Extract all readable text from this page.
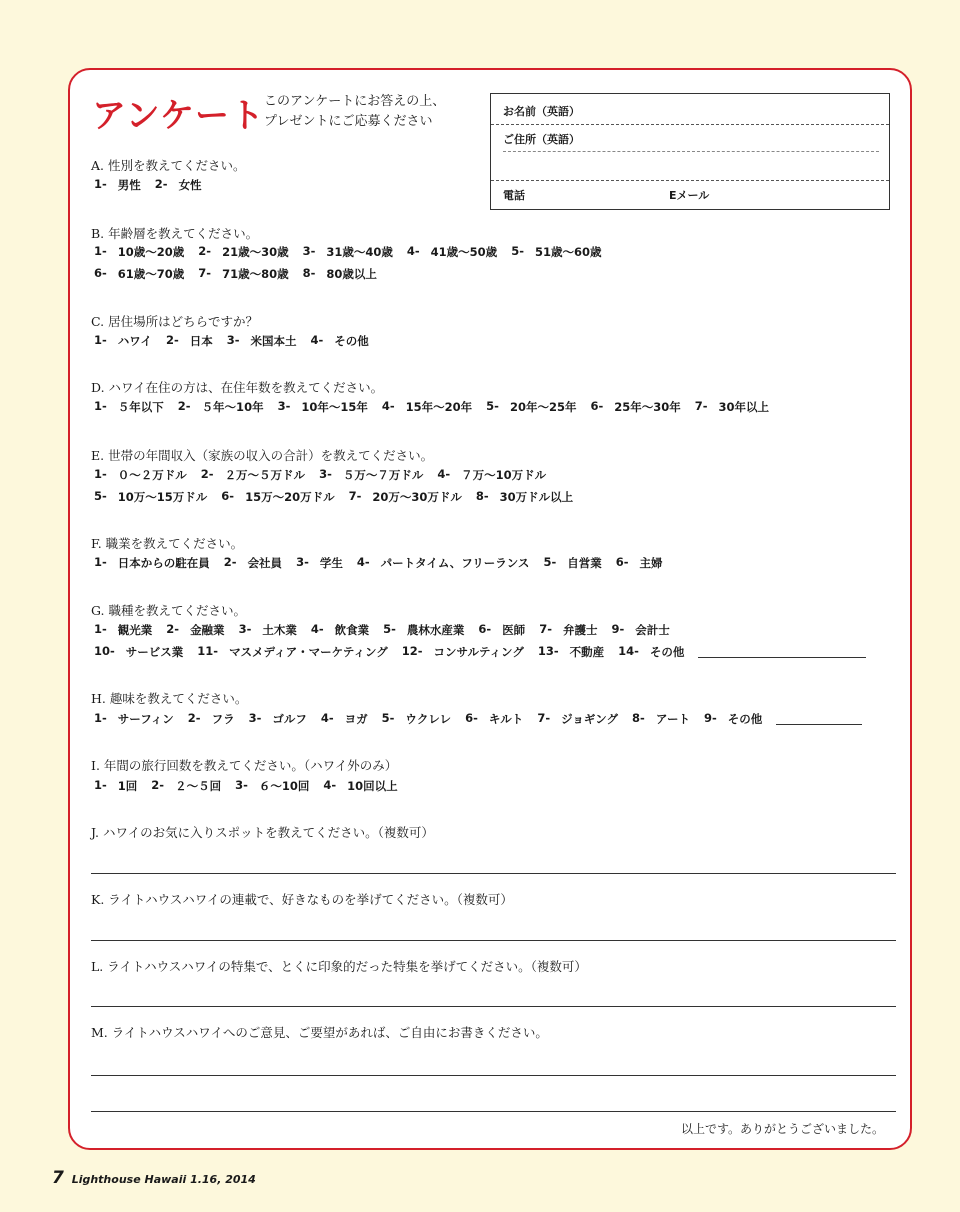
アンケート このアンケートにお答えの上、
プレゼントにご応募ください
お名前（英語）
ご住所（英語）
電話	Eメール
A. 性別を教えてください。
1- 男性 2- 女性
B. 年齢層を教えてください。
1- 10歳〜20歳 2- 21歳〜30歳 3- 31歳〜40歳 4- 41歳〜50歳 5- 51歳〜60歳
6- 61歳〜70歳 7- 71歳〜80歳 8- 80歳以上
C. 居住場所はどちらですか？
1- ハワイ 2- 日本 3- 米国本土 4- その他
D. ハワイ在住の方は、在住年数を教えてください。
1- ５年以下 2- ５年〜10年 3- 10年〜15年 4- 15年〜20年 5- 20年〜25年 6- 25年〜30年 7- 30年以上
E. 世帯の年間収入（家族の収入の合計）を教えてください。
1- ０〜２万ドル 2- ２万〜５万ドル 3- ５万〜７万ドル 4- ７万〜10万ドル
5- 10万〜15万ドル 6- 15万〜20万ドル 7- 20万〜30万ドル 8- 30万ドル以上
F. 職業を教えてください。
1- 日本からの駐在員 2- 会社員 3- 学生 4- パートタイム、フリーランス 5- 自営業 6- 主婦
G. 職種を教えてください。
1- 観光業 2- 金融業 3- 土木業 4- 飲食業 5- 農林水産業 6- 医師 7- 弁護士 9- 会計士
10- サービス業 11- マスメディア・マーケティング 12- コンサルティング 13- 不動産 14- その他
H. 趣味を教えてください。
1- サーフィン 2- フラ 3- ゴルフ 4- ヨガ 5- ウクレレ 6- キルト 7- ジョギング 8- アート 9- その他
I. 年間の旅行回数を教えてください。（ハワイ外のみ）
1- 1回 2- ２〜５回 3- ６〜10回 4- 10回以上
J. ハワイのお気に入りスポットを教えてください。（複数可）
K. ライトハウスハワイの連載で、好きなものを挙げてください。（複数可）
L. ライトハウスハワイの特集で、とくに印象的だった特集を挙げてください。（複数可）
M. ライトハウスハワイへのご意見、ご要望があれば、ご自由にお書きください。
以上です。ありがとうございました。
7 Lighthouse Hawaii 1.16, 2014
